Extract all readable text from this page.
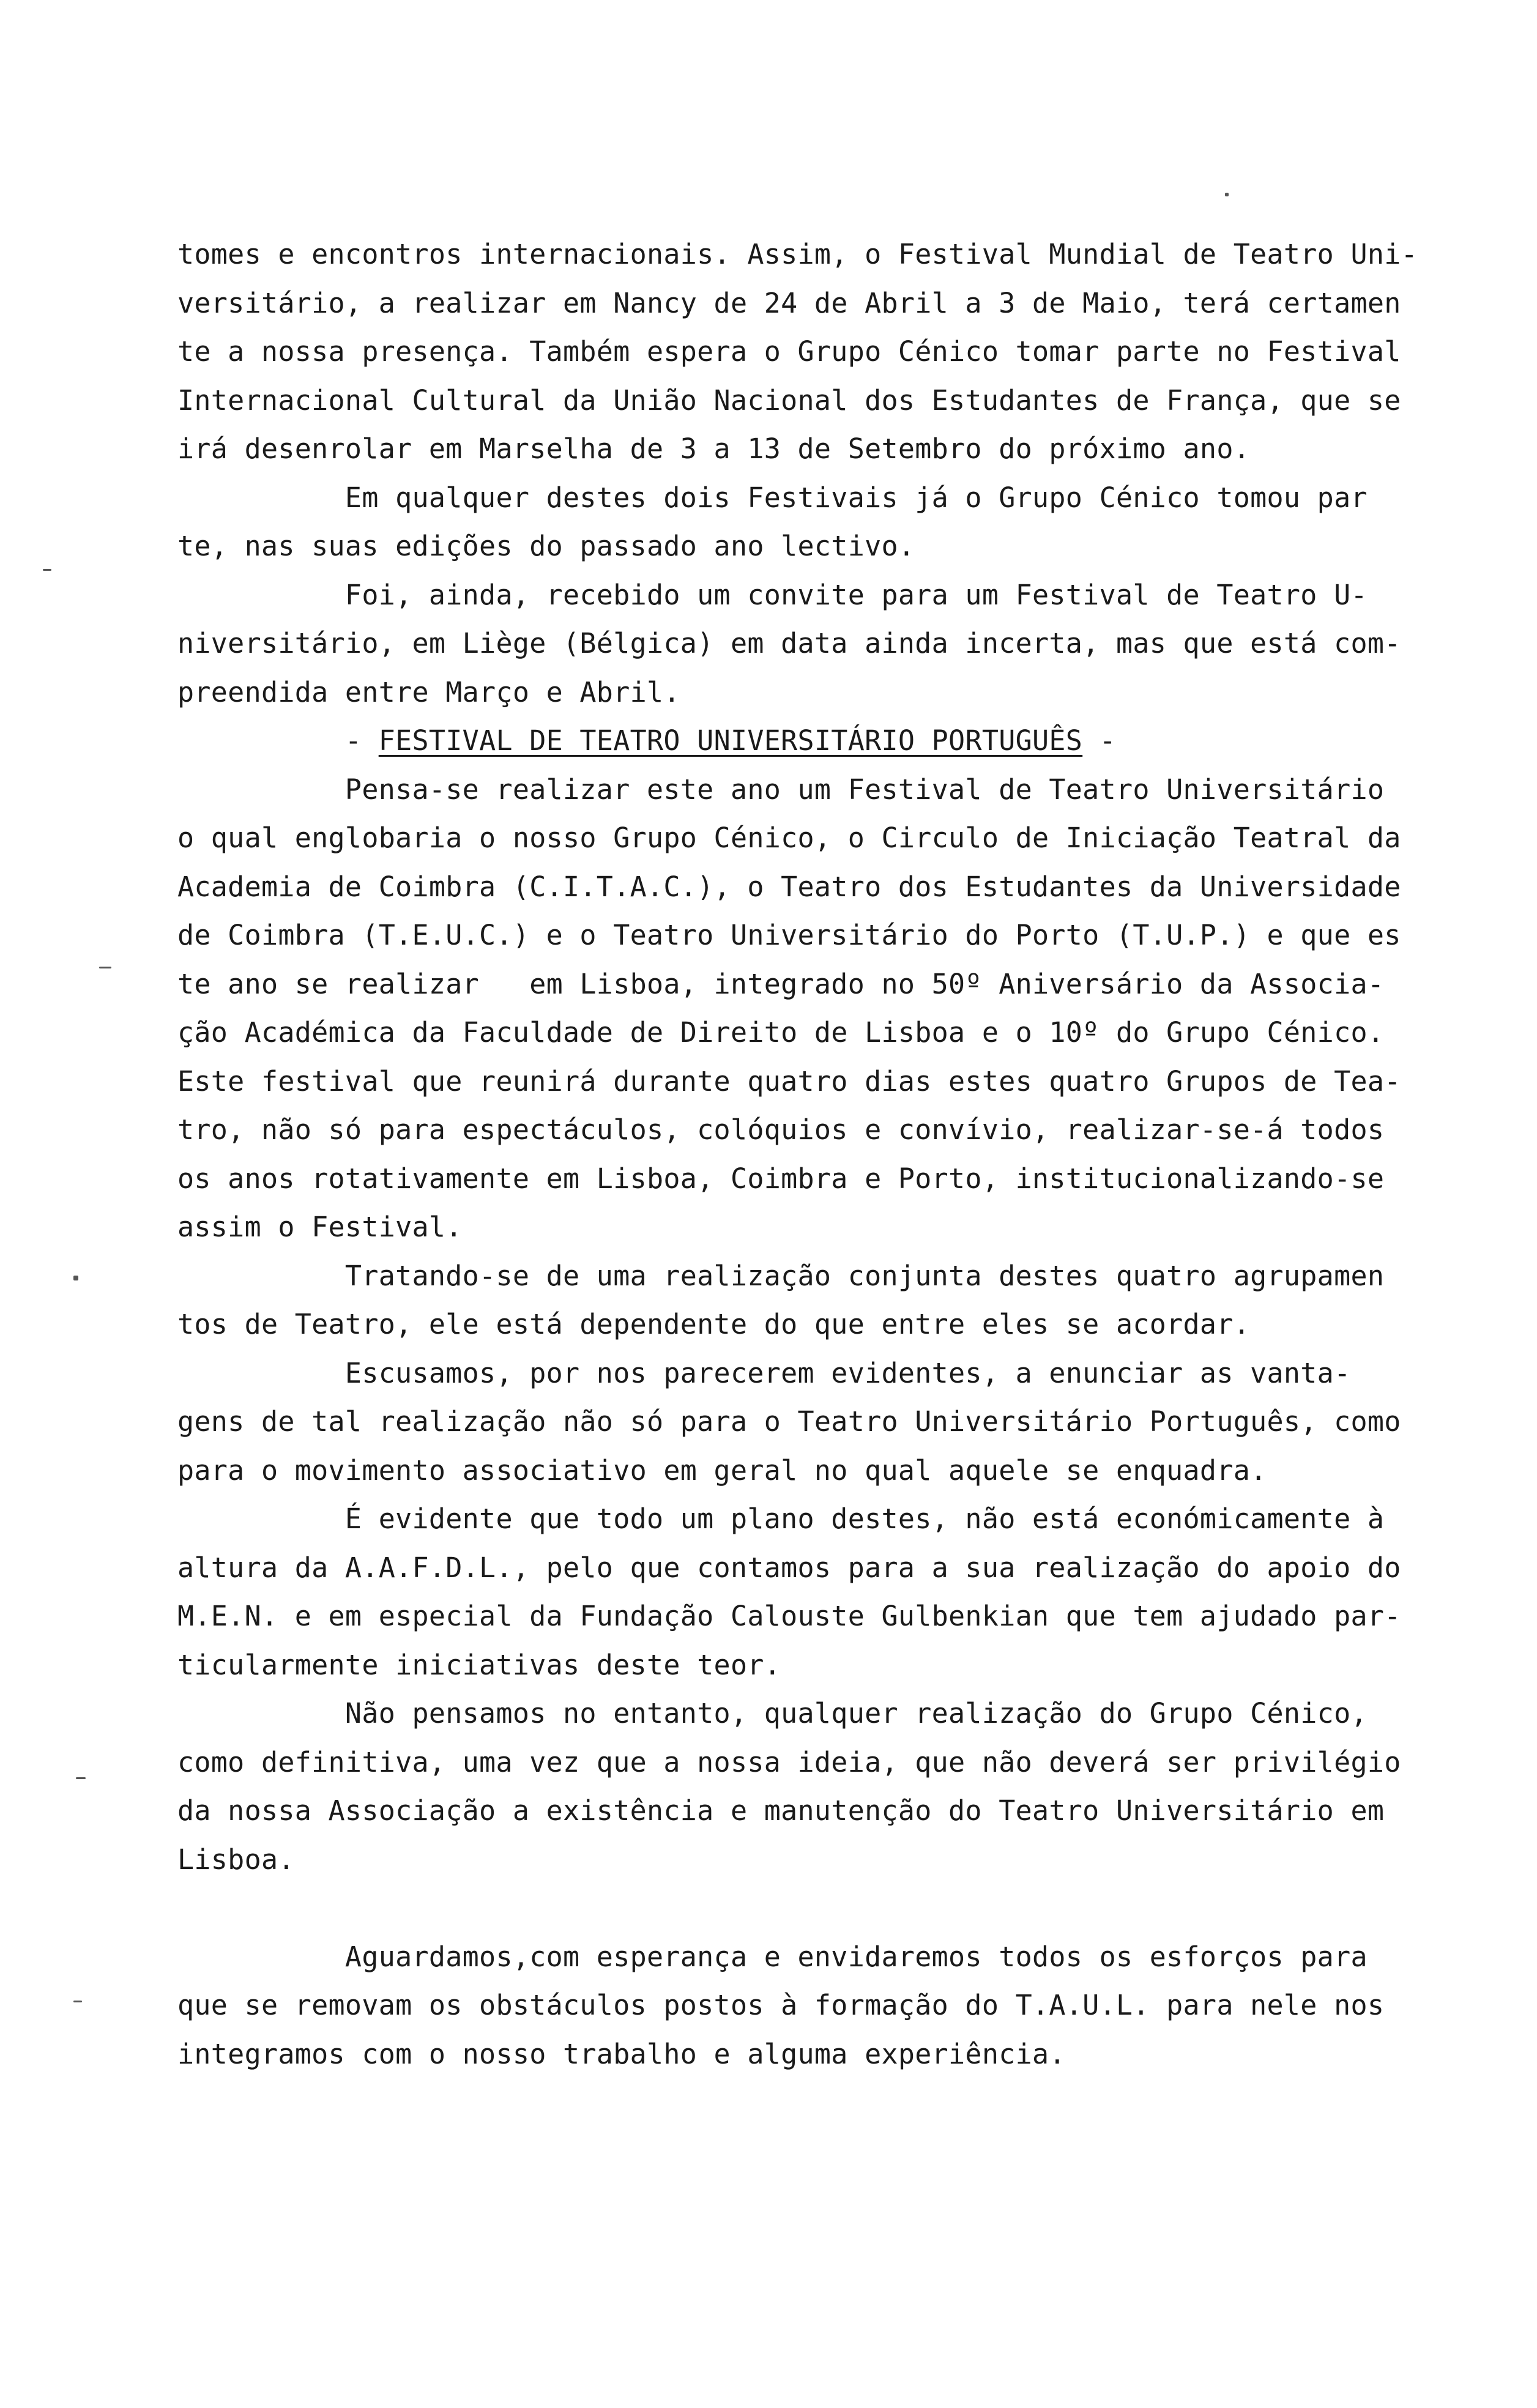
tomes e encontros internacionais. Assim, o Festival Mundial de Teatro Uni-
versitário, a realizar em Nancy de 24 de Abril a 3 de Maio, terá certamen
te a nossa presença. Também espera o Grupo Cénico tomar parte no Festival
Internacional Cultural da União Nacional dos Estudantes de França, que se
irá desenrolar em Marselha de 3 a 13 de Setembro do próximo ano.
Em qualquer destes dois Festivais já o Grupo Cénico tomou par
te, nas suas edições do passado ano lectivo.
Foi, ainda, recebido um convite para um Festival de Teatro U-
niversitário, em Liège (Bélgica) em data ainda incerta, mas que está com-
preendida entre Março e Abril.
- FESTIVAL DE TEATRO UNIVERSITÁRIO PORTUGUÊS -
Pensa-se realizar este ano um Festival de Teatro Universitário
o qual englobaria o nosso Grupo Cénico, o Circulo de Iniciação Teatral da
Academia de Coimbra (C.I.T.A.C.), o Teatro dos Estudantes da Universidade
de Coimbra (T.E.U.C.) e o Teatro Universitário do Porto (T.U.P.) e que es
te ano se realizar   em Lisboa, integrado no 50º Aniversário da Associa-
ção Académica da Faculdade de Direito de Lisboa e o 10º do Grupo Cénico.
Este festival que reunirá durante quatro dias estes quatro Grupos de Tea-
tro, não só para espectáculos, colóquios e convívio, realizar-se-á todos
os anos rotativamente em Lisboa, Coimbra e Porto, institucionalizando-se
assim o Festival.
Tratando-se de uma realização conjunta destes quatro agrupamen
tos de Teatro, ele está dependente do que entre eles se acordar.
Escusamos, por nos parecerem evidentes, a enunciar as vanta-
gens de tal realização não só para o Teatro Universitário Português, como
para o movimento associativo em geral no qual aquele se enquadra.
É evidente que todo um plano destes, não está económicamente à
altura da A.A.F.D.L., pelo que contamos para a sua realização do apoio do
M.E.N. e em especial da Fundação Calouste Gulbenkian que tem ajudado par-
ticularmente iniciativas deste teor.
Não pensamos no entanto, qualquer realização do Grupo Cénico,
como definitiva, uma vez que a nossa ideia, que não deverá ser privilégio
da nossa Associação a existência e manutenção do Teatro Universitário em
Lisboa.
Aguardamos,com esperança e envidaremos todos os esforços para
que se removam os obstáculos postos à formação do T.A.U.L. para nele nos
integramos com o nosso trabalho e alguma experiência.
